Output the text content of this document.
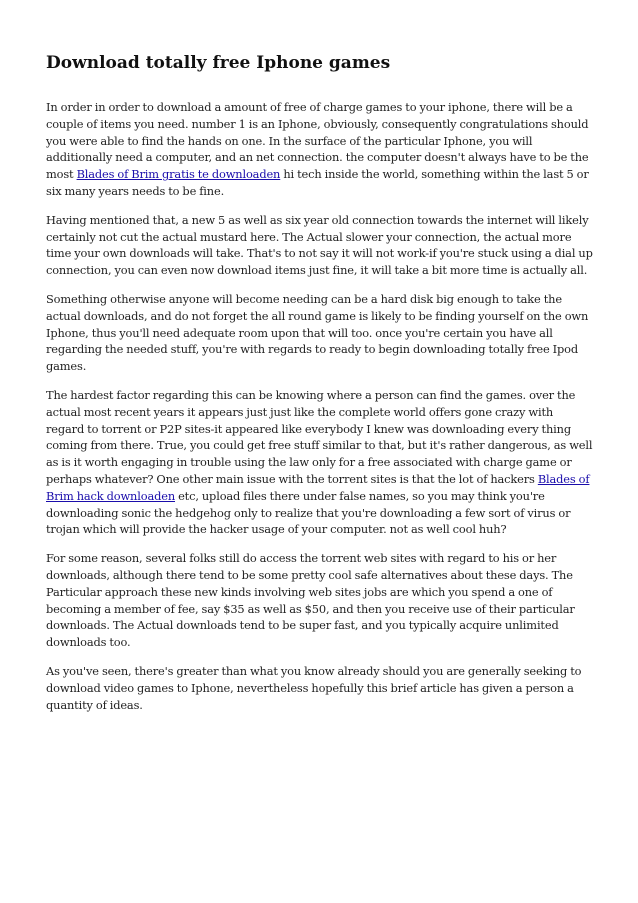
Download totally free Iphone games

In order in order to download a amount of free of charge games to your iphone, there will be a couple of items you need. number 1 is an Iphone, obviously, consequently congratulations should you were able to find the hands on one. In the surface of the particular Iphone, you will additionally need a computer, and an net connection. the computer doesn't always have to be the most Blades of Brim gratis te downloaden hi tech inside the world, something within the last 5 or six many years needs to be fine.

Having mentioned that, a new 5 as well as six year old connection towards the internet will likely certainly not cut the actual mustard here. The Actual slower your connection, the actual more time your own downloads will take. That's to not say it will not work-if you're stuck using a dial up connection, you can even now download items just fine, it will take a bit more time is actually all.

Something otherwise anyone will become needing can be a hard disk big enough to take the actual downloads, and do not forget the all round game is likely to be finding yourself on the own Iphone, thus you'll need adequate room upon that will too. once you're certain you have all regarding the needed stuff, you're with regards to ready to begin downloading totally free Ipod games.

The hardest factor regarding this can be knowing where a person can find the games. over the actual most recent years it appears just just like the complete world offers gone crazy with regard to torrent or P2P sites-it appeared like everybody I knew was downloading every thing coming from there. True, you could get free stuff similar to that, but it's rather dangerous, as well as is it worth engaging in trouble using the law only for a free associated with charge game or perhaps whatever? One other main issue with the torrent sites is that the lot of hackers Blades of Brim hack downloaden etc, upload files there under false names, so you may think you're downloading sonic the hedgehog only to realize that you're downloading a few sort of virus or trojan which will provide the hacker usage of your computer. not as well cool huh?

For some reason, several folks still do access the torrent web sites with regard to his or her downloads, although there tend to be some pretty cool safe alternatives about these days. The Particular approach these new kinds involving web sites jobs are which you spend a one of becoming a member of fee, say $35 as well as $50, and then you receive use of their particular downloads. The Actual downloads tend to be super fast, and you typically acquire unlimited downloads too.

As you've seen, there's greater than what you know already should you are generally seeking to download video games to Iphone, nevertheless hopefully this brief article has given a person a quantity of ideas.
